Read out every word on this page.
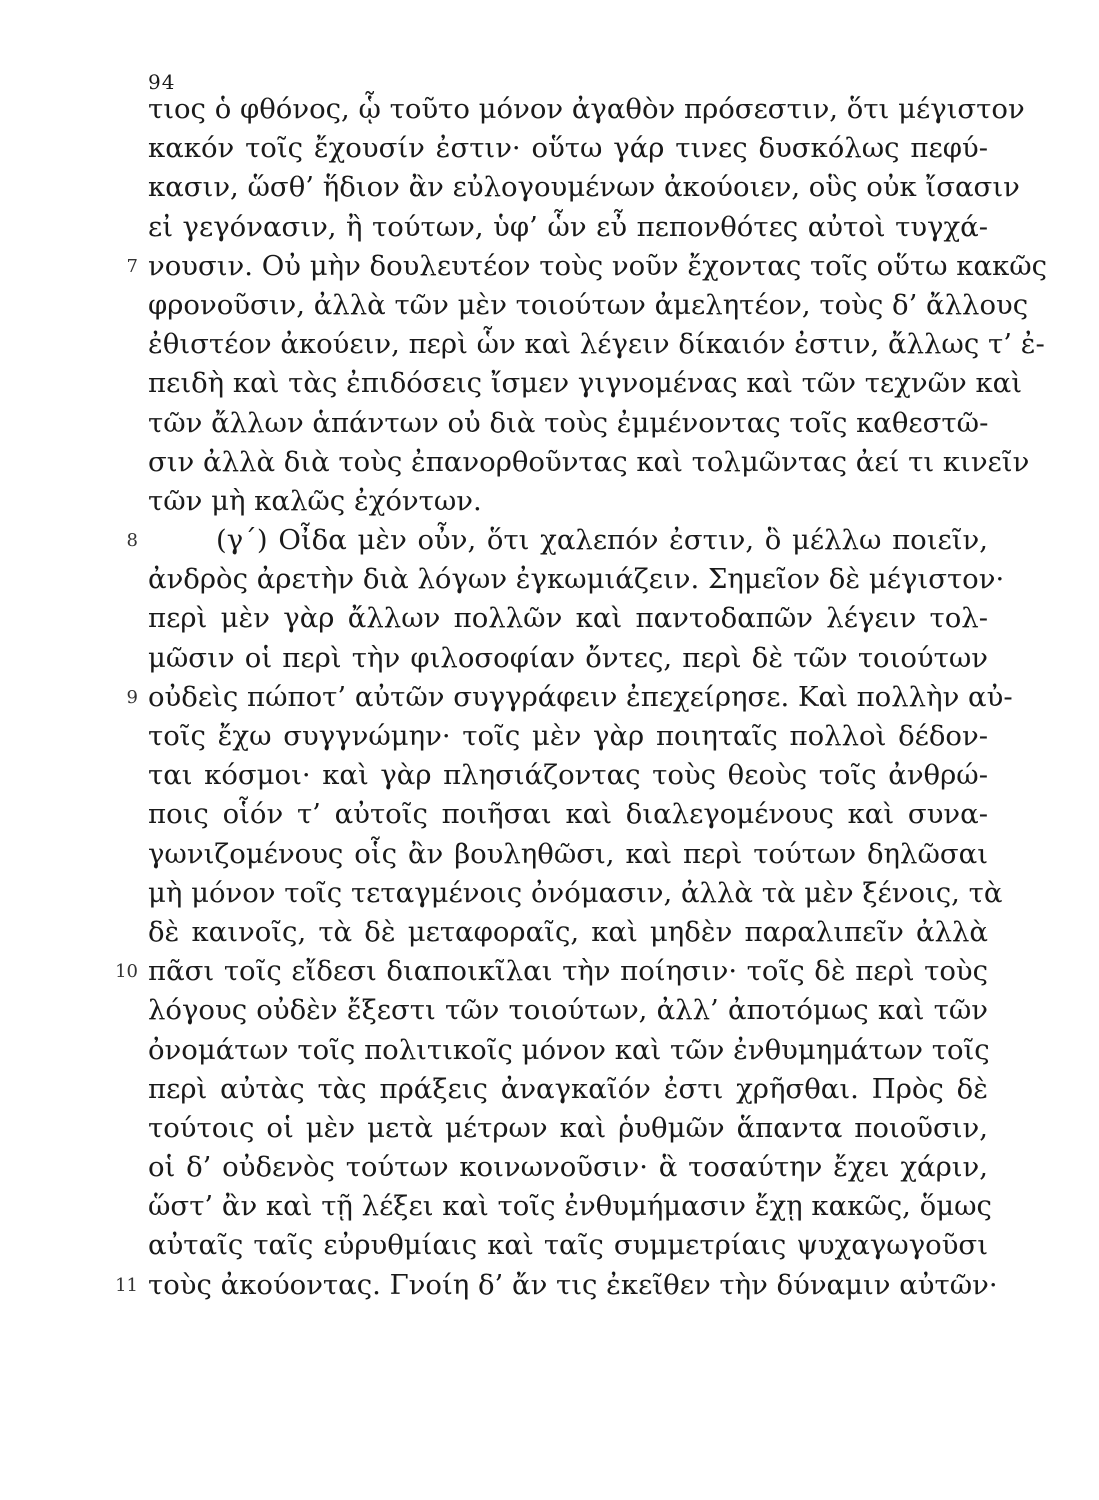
94
τιος ὁ φθόνος, ᾧ τοῦτο μόνον ἀγαθὸν πρόσεστιν, ὅτι μέγιστον
κακόν τοῖς ἔχουσίν ἐστιν· οὕτω γάρ τινες δυσκόλως πεφύ-
κασιν, ὥσθ’ ἥδιον ἂν εὐλογουμένων ἀκούοιεν, οὓς οὐκ ἴσασιν
εἰ γεγόνασιν, ἢ τούτων, ὑφ’ ὧν εὖ πεπονθότες αὐτοὶ τυγχά-
7 νουσιν. Οὐ μὴν δουλευτέον τοὺς νοῦν ἔχοντας τοῖς οὕτω κακῶς
φρονοῦσιν, ἀλλὰ τῶν μὲν τοιούτων ἀμελητέον, τοὺς δ’ ἄλλους
ἐθιστέον ἀκούειν, περὶ ὧν καὶ λέγειν δίκαιόν ἐστιν, ἄλλως τ’ ἐ-
πειδὴ καὶ τὰς ἐπιδόσεις ἴσμεν γιγνομένας καὶ τῶν τεχνῶν καὶ
τῶν ἄλλων ἁπάντων οὐ διὰ τοὺς ἐμμένοντας τοῖς καθεστῶ-
σιν ἀλλὰ διὰ τοὺς ἐπανορθοῦντας καὶ τολμῶντας ἀεί τι κινεῖν
τῶν μὴ καλῶς ἐχόντων.
8	(γ΄) Οἶδα μὲν οὖν, ὅτι χαλεπόν ἐστιν, ὃ μέλλω ποιεῖν,
ἀνδρὸς ἀρετὴν διὰ λόγων ἐγκωμιάζειν. Σημεῖον δὲ μέγιστον·
περὶ μὲν γὰρ ἄλλων πολλῶν καὶ παντοδαπῶν λέγειν τολ-
μῶσιν οἱ περὶ τὴν φιλοσοφίαν ὄντες, περὶ δὲ τῶν τοιούτων
9 οὐδεὶς πώποτ’ αὐτῶν συγγράφειν ἐπεχείρησε. Καὶ πολλὴν αὐ-
τοῖς ἔχω συγγνώμην· τοῖς μὲν γὰρ ποιηταῖς πολλοὶ δέδον-
ται κόσμοι· καὶ γὰρ πλησιάζοντας τοὺς θεοὺς τοῖς ἀνθρώ-
ποις οἷόν τ’ αὐτοῖς ποιῆσαι καὶ διαλεγομένους καὶ συνα-
γωνιζομένους οἷς ἂν βουληθῶσι, καὶ περὶ τούτων δηλῶσαι
μὴ μόνον τοῖς τεταγμένοις ὀνόμασιν, ἀλλὰ τὰ μὲν ξένοις, τὰ
δὲ καινοῖς, τὰ δὲ μεταφοραῖς, καὶ μηδὲν παραλιπεῖν ἀλλὰ
10 πᾶσι τοῖς εἴδεσι διαποικῖλαι τὴν ποίησιν· τοῖς δὲ περὶ τοὺς
λόγους οὐδὲν ἔξεστι τῶν τοιούτων, ἀλλ’ ἀποτόμως καὶ τῶν
ὀνομάτων τοῖς πολιτικοῖς μόνον καὶ τῶν ἐνθυμημάτων τοῖς
περὶ αὐτὰς τὰς πράξεις ἀναγκαῖόν ἐστι χρῆσθαι. Πρὸς δὲ
τούτοις οἱ μὲν μετὰ μέτρων καὶ ῥυθμῶν ἅπαντα ποιοῦσιν,
οἱ δ’ οὐδενὸς τούτων κοινωνοῦσιν· ἃ τοσαύτην ἔχει χάριν,
ὥστ’ ἂν καὶ τῇ λέξει καὶ τοῖς ἐνθυμήμασιν ἔχῃ κακῶς, ὅμως
αὐταῖς ταῖς εὐρυθμίαις καὶ ταῖς συμμετρίαις ψυχαγωγοῦσι
11 τοὺς ἀκούοντας. Γνοίη δ’ ἄν τις ἐκεῖθεν τὴν δύναμιν αὐτῶν·
